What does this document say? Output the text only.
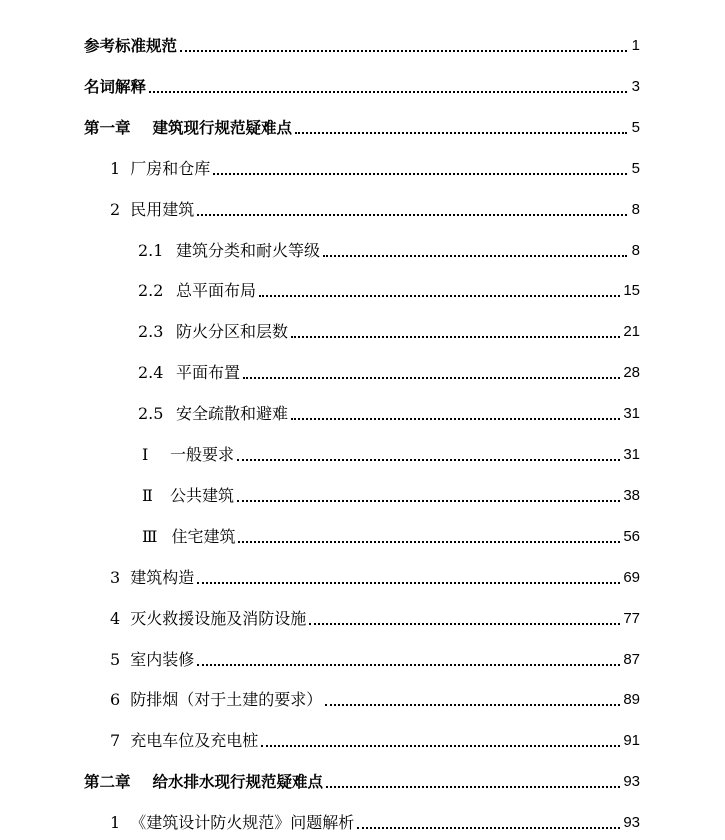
参考标准规范	1
名词解释	3
第一章 建筑现行规范疑难点	5
1 厂房和仓库	5
2 民用建筑	8
2.1 建筑分类和耐火等级	8
2.2 总平面布局	15
2.3 防火分区和层数	21
2.4 平面布置	28
2.5 安全疏散和避难	31
Ⅰ 一般要求	31
Ⅱ 公共建筑	38
Ⅲ 住宅建筑	56
3 建筑构造	69
4 灭火救援设施及消防设施	77
5 室内装修	87
6 防排烟（对于土建的要求）	89
7 充电车位及充电桩	91
第二章 给水排水现行规范疑难点	93
1 《建筑设计防火规范》问题解析	93
